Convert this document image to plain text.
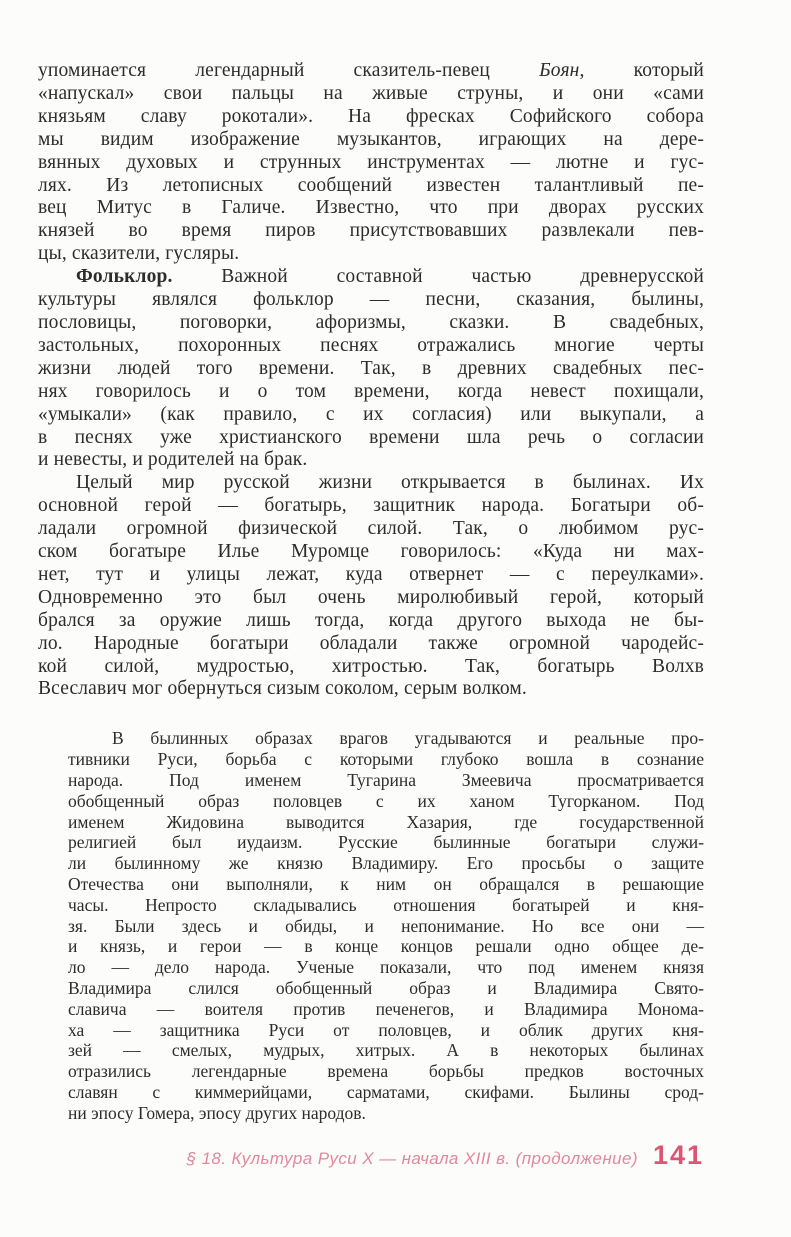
упоминается легендарный сказитель-певец Боян, который
«напускал» свои пальцы на живые струны, и они «сами
князьям славу рокотали». На фресках Софийского собора
мы видим изображение музыкантов, играющих на дере-
вянных духовых и струнных инструментах — лютне и гус-
лях. Из летописных сообщений известен талантливый пе-
вец Митус в Галиче. Известно, что при дворах русских
князей во время пиров присутствовавших развлекали пев-
цы, сказители, гусляры.
Фольклор. Важной составной частью древнерусской
культуры являлся фольклор — песни, сказания, былины,
пословицы, поговорки, афоризмы, сказки. В свадебных,
застольных, похоронных песнях отражались многие черты
жизни людей того времени. Так, в древних свадебных пес-
нях говорилось и о том времени, когда невест похищали,
«умыкали» (как правило, с их согласия) или выкупали, а
в песнях уже христианского времени шла речь о согласии
и невесты, и родителей на брак.
Целый мир русской жизни открывается в былинах. Их
основной герой — богатырь, защитник народа. Богатыри об-
ладали огромной физической силой. Так, о любимом рус-
ском богатыре Илье Муромце говорилось: «Куда ни мах-
нет, тут и улицы лежат, куда отвернет — с переулками».
Одновременно это был очень миролюбивый герой, который
брался за оружие лишь тогда, когда другого выхода не бы-
ло. Народные богатыри обладали также огромной чародейс-
кой силой, мудростью, хитростью. Так, богатырь Волхв
Всеславич мог обернуться сизым соколом, серым волком.
В былинных образах врагов угадываются и реальные про-
тивники Руси, борьба с которыми глубоко вошла в сознание
народа. Под именем Тугарина Змеевича просматривается
обобщенный образ половцев с их ханом Тугорканом. Под
именем Жидовина выводится Хазария, где государственной
религией был иудаизм. Русские былинные богатыри служи-
ли былинному же князю Владимиру. Его просьбы о защите
Отечества они выполняли, к ним он обращался в решающие
часы. Непросто складывались отношения богатырей и кня-
зя. Были здесь и обиды, и непонимание. Но все они —
и князь, и герои — в конце концов решали одно общее де-
ло — дело народа. Ученые показали, что под именем князя
Владимира слился обобщенный образ и Владимира Свято-
славича — воителя против печенегов, и Владимира Монома-
ха — защитника Руси от половцев, и облик других кня-
зей — смелых, мудрых, хитрых. А в некоторых былинах
отразились легендарные времена борьбы предков восточных
славян с киммерийцами, сарматами, скифами. Былины срод-
ни эпосу Гомера, эпосу других народов.
§ 18. Культура Руси X — начала XIII в. (продолжение) 141
